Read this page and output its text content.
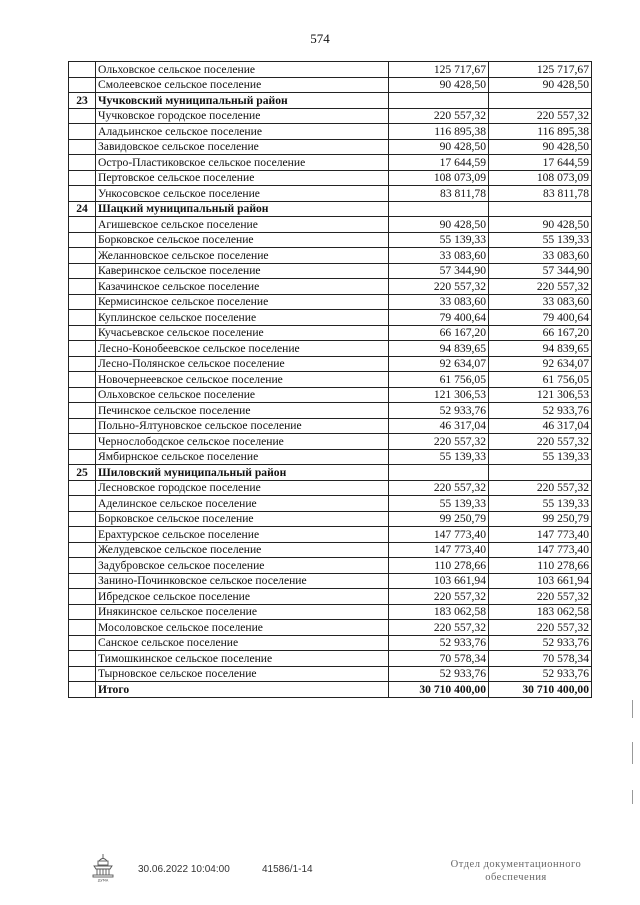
574
	Ольховское сельское поселение	125 717,67	125 717,67
	Смолеевское сельское поселение	90 428,50	90 428,50
23	Чучковский муниципальный район		
	Чучковское городское поселение	220 557,32	220 557,32
	Аладьинское сельское поселение	116 895,38	116 895,38
	Завидовское сельское поселение	90 428,50	90 428,50
	Остро-Пластиковское сельское поселение	17 644,59	17 644,59
	Пертовское сельское поселение	108 073,09	108 073,09
	Ункосовское сельское поселение	83 811,78	83 811,78
24	Шацкий муниципальный район		
	Агишевское сельское поселение	90 428,50	90 428,50
	Борковское сельское поселение	55 139,33	55 139,33
	Желанновское сельское поселение	33 083,60	33 083,60
	Каверинское сельское поселение	57 344,90	57 344,90
	Казачинское сельское поселение	220 557,32	220 557,32
	Кермисинское сельское поселение	33 083,60	33 083,60
	Куплинское сельское поселение	79 400,64	79 400,64
	Кучасьевское сельское поселение	66 167,20	66 167,20
	Лесно-Конобеевское сельское поселение	94 839,65	94 839,65
	Лесно-Полянское сельское поселение	92 634,07	92 634,07
	Новочернеевское сельское поселение	61 756,05	61 756,05
	Ольховское сельское поселение	121 306,53	121 306,53
	Печинское сельское поселение	52 933,76	52 933,76
	Польно-Ялтуновское сельское поселение	46 317,04	46 317,04
	Чернослободское сельское поселение	220 557,32	220 557,32
	Ямбирнское сельское поселение	55 139,33	55 139,33
25	Шиловский муниципальный район		
	Лесновское городское поселение	220 557,32	220 557,32
	Аделинское сельское поселение	55 139,33	55 139,33
	Борковское сельское поселение	99 250,79	99 250,79
	Ерахтурское сельское поселение	147 773,40	147 773,40
	Желудевское сельское поселение	147 773,40	147 773,40
	Задубровское сельское поселение	110 278,66	110 278,66
	Занино-Починковское сельское поселение	103 661,94	103 661,94
	Ибредское сельское поселение	220 557,32	220 557,32
	Инякинское сельское поселение	183 062,58	183 062,58
	Мосоловское сельское поселение	220 557,32	220 557,32
	Санское сельское поселение	52 933,76	52 933,76
	Тимошкинское сельское поселение	70 578,34	70 578,34
	Тырновское сельское поселение	52 933,76	52 933,76
	Итого	30 710 400,00	30 710 400,00
ДУМА
30.06.2022 10:04:00	41586/1-14	Отдел документационного
обеспечения
